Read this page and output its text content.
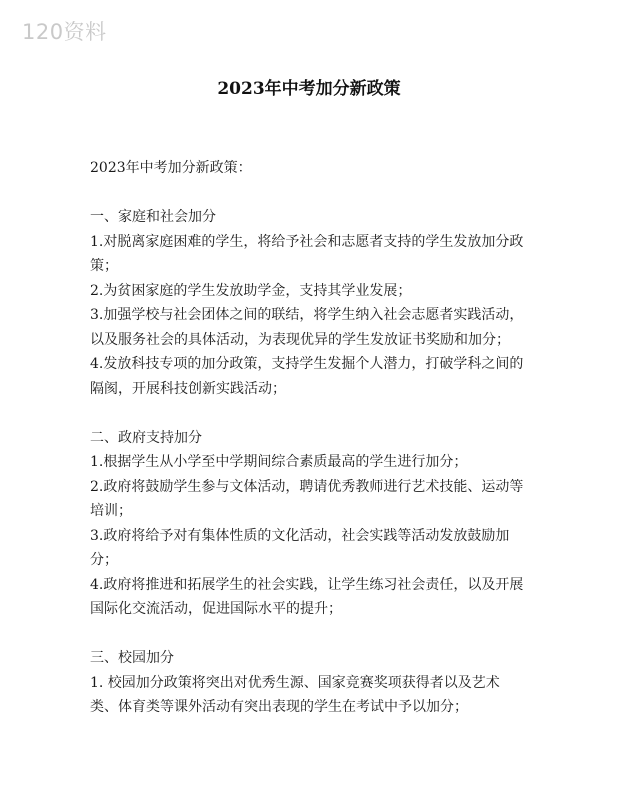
120资料
2023年中考加分新政策
2023年中考加分新政策：
一、家庭和社会加分
1.对脱离家庭困难的学生，将给予社会和志愿者支持的学生发放加分政
策；
2.为贫困家庭的学生发放助学金，支持其学业发展；
3.加强学校与社会团体之间的联结，将学生纳入社会志愿者实践活动，
以及服务社会的具体活动，为表现优异的学生发放证书奖励和加分；
4.发放科技专项的加分政策，支持学生发掘个人潜力，打破学科之间的
隔阂，开展科技创新实践活动；
二、政府支持加分
1.根据学生从小学至中学期间综合素质最高的学生进行加分；
2.政府将鼓励学生参与文体活动，聘请优秀教师进行艺术技能、运动等
培训；
3.政府将给予对有集体性质的文化活动，社会实践等活动发放鼓励加
分；
4.政府将推进和拓展学生的社会实践，让学生练习社会责任，以及开展
国际化交流活动，促进国际水平的提升；
三、校园加分
1. 校园加分政策将突出对优秀生源、国家竞赛奖项获得者以及艺术
类、体育类等课外活动有突出表现的学生在考试中予以加分；
